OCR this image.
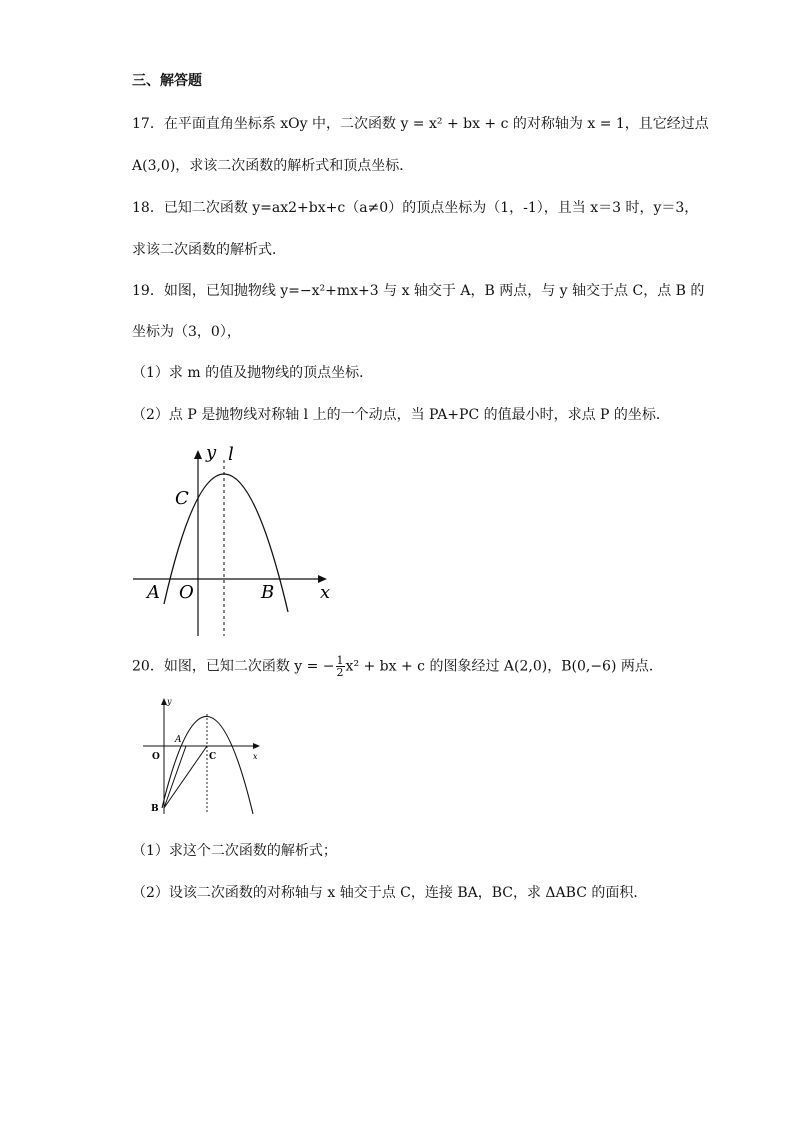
三、解答题
17．在平面直角坐标系 xOy 中，二次函数 y = x² + bx + c 的对称轴为 x = 1，且它经过点
A(3,0)，求该二次函数的解析式和顶点坐标．
18．已知二次函数 y=ax2+bx+c（a≠0）的顶点坐标为（1，-1），且当 x＝3 时，y＝3，
求该二次函数的解析式．
19．如图，已知抛物线 y=−x²+mx+3 与 x 轴交于 A，B 两点，与 y 轴交于点 C，点 B 的
坐标为（3，0），
（1）求 m 的值及抛物线的顶点坐标．
（2）点 P 是抛物线对称轴 l 上的一个动点，当 PA+PC 的值最小时，求点 P 的坐标．
y l
C
A O	B	x
20．如图，已知二次函数 y = − $\frac{1}{2} x^2$ + bx + c 的图象经过 A(2,0)，B(0,−6) 两点．
y
O
A
C
B
x
（1）求这个二次函数的解析式；
（2）设该二次函数的对称轴与 x 轴交于点 C，连接 BA，BC，求 ΔABC 的面积．
